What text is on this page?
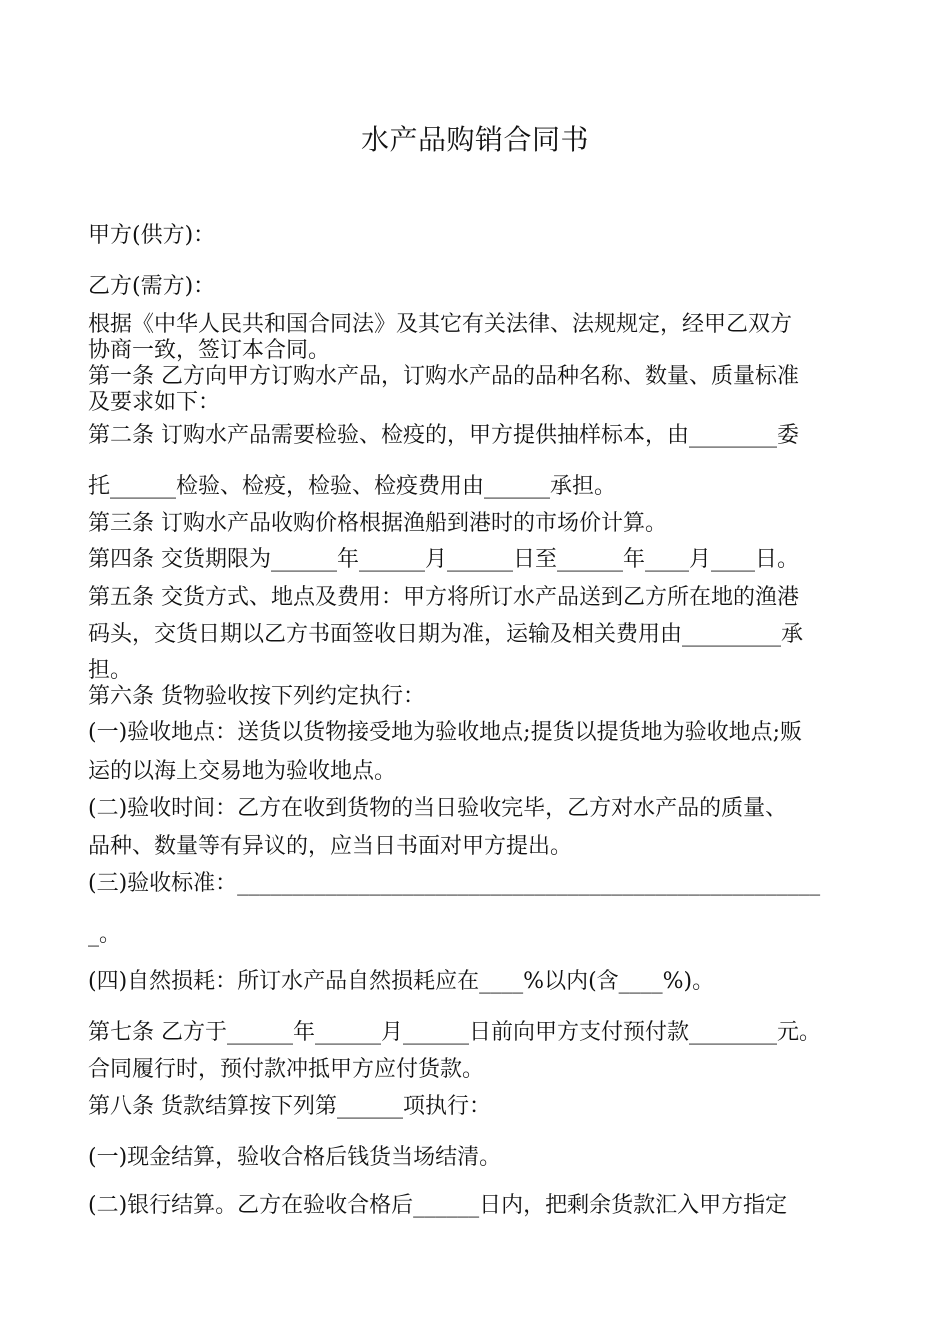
水产品购销合同书
甲方(供方)：
乙方(需方)：
根据《中华人民共和国合同法》及其它有关法律、法规规定，经甲乙双方
协商一致，签订本合同。
第一条 乙方向甲方订购水产品，订购水产品的品种名称、数量、质量标准
及要求如下：
第二条 订购水产品需要检验、检疫的，甲方提供抽样标本，由________委
托______检验、检疫，检验、检疫费用由______承担。
第三条 订购水产品收购价格根据渔船到港时的市场价计算。
第四条 交货期限为______年______月______日至______年____月____日。
第五条 交货方式、地点及费用：甲方将所订水产品送到乙方所在地的渔港
码头，交货日期以乙方书面签收日期为准，运输及相关费用由_________承
担。
第六条 货物验收按下列约定执行：
(一)验收地点：送货以货物接受地为验收地点;提货以提货地为验收地点;贩
运的以海上交易地为验收地点。
(二)验收时间：乙方在收到货物的当日验收完毕，乙方对水产品的质量、
品种、数量等有异议的，应当日书面对甲方提出。
(三)验收标准：_____________________________________________________
_。
(四)自然损耗：所订水产品自然损耗应在____%以内(含____%)。
第七条 乙方于______年______月______日前向甲方支付预付款________元。
合同履行时，预付款冲抵甲方应付货款。
第八条 货款结算按下列第______项执行：
(一)现金结算，验收合格后钱货当场结清。
(二)银行结算。乙方在验收合格后______日内，把剩余货款汇入甲方指定
